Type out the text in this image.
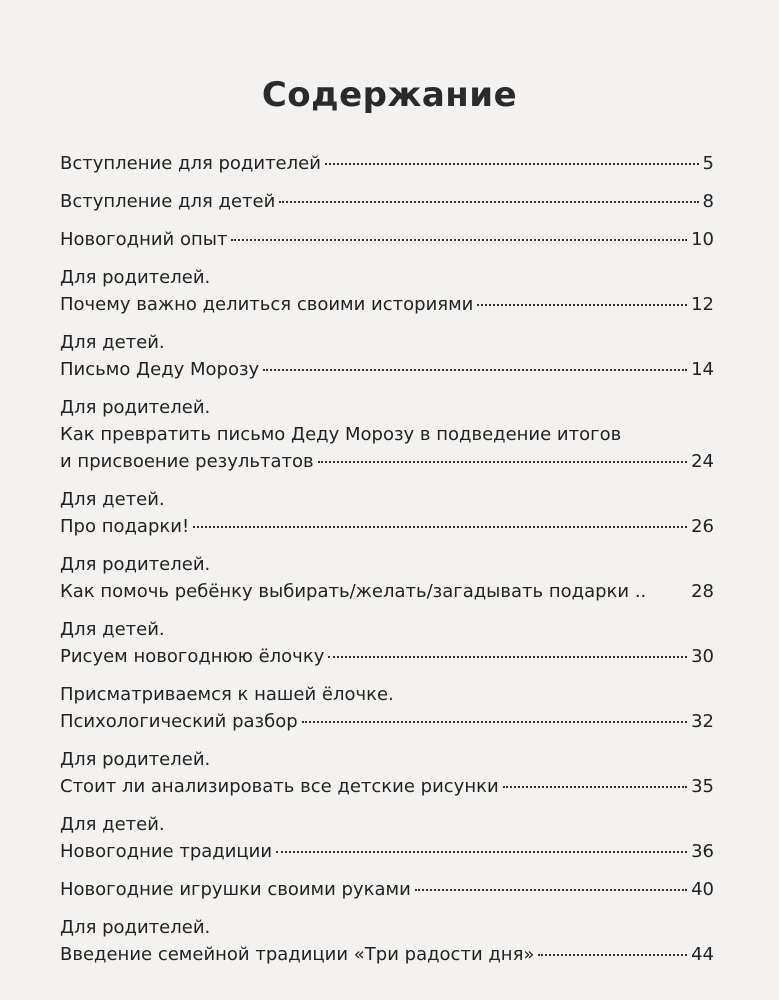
Содержание
Вступление для родителей	5
Вступление для детей	8
Новогодний опыт	10
Для родителей.
Почему важно делиться своими историями	12
Для детей.
Письмо Деду Морозу	14
Для родителей.
Как превратить письмо Деду Морозу в подведение итогов
и присвоение результатов	24
Для детей.
Про подарки!	26
Для родителей.
Как помочь ребёнку выбирать/желать/загадывать подарки .. 28
Для детей.
Рисуем новогоднюю ёлочку	30
Присматриваемся к нашей ёлочке.
Психологический разбор	32
Для родителей.
Стоит ли анализировать все детские рисунки	35
Для детей.
Новогодние традиции	36
Новогодние игрушки своими руками	40
Для родителей.
Введение семейной традиции «Три радости дня»	44
